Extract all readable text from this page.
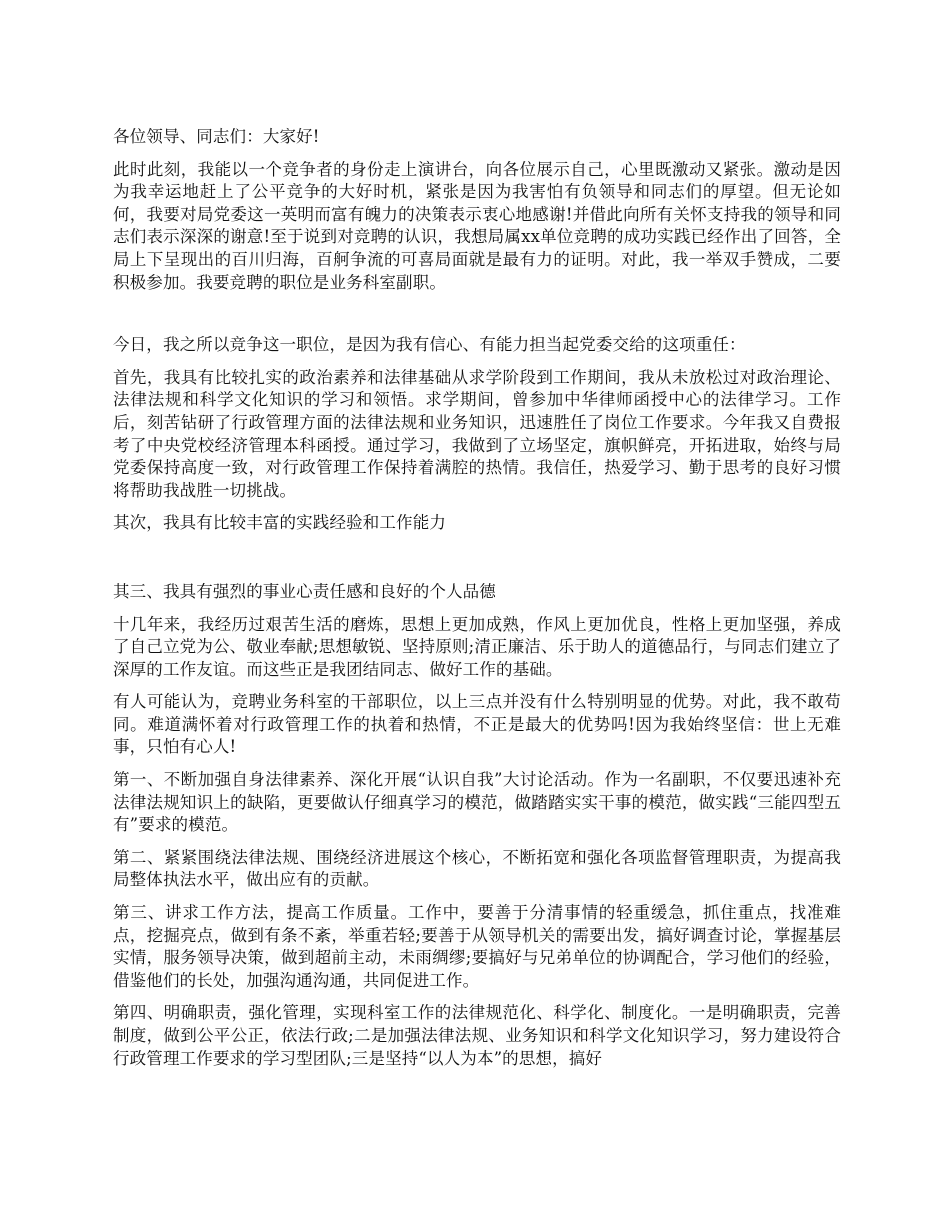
各位领导、同志们：大家好!

此时此刻，我能以一个竞争者的身份走上演讲台，向各位展示自己，心里既激动又紧张。激动是因为我幸运地赶上了公平竞争的大好时机，紧张是因为我害怕有负领导和同志们的厚望。但无论如何，我要对局党委这一英明而富有魄力的决策表示衷心地感谢!并借此向所有关怀支持我的领导和同志们表示深深的谢意!至于说到对竞聘的认识，我想局属xx单位竞聘的成功实践已经作出了回答，全局上下呈现出的百川归海，百舸争流的可喜局面就是最有力的证明。对此，我一举双手赞成，二要积极参加。我要竞聘的职位是业务科室副职。

今日，我之所以竞争这一职位，是因为我有信心、有能力担当起党委交给的这项重任：

首先，我具有比较扎实的政治素养和法律基础从求学阶段到工作期间，我从未放松过对政治理论、法律法规和科学文化知识的学习和领悟。求学期间，曾参加中华律师函授中心的法律学习。工作后，刻苦钻研了行政管理方面的法律法规和业务知识，迅速胜任了岗位工作要求。今年我又自费报考了中央党校经济管理本科函授。通过学习，我做到了立场坚定，旗帜鲜亮，开拓进取，始终与局党委保持高度一致，对行政管理工作保持着满腔的热情。我信任，热爱学习、勤于思考的良好习惯将帮助我战胜一切挑战。

其次，我具有比较丰富的实践经验和工作能力

其三、我具有强烈的事业心责任感和良好的个人品德

十几年来，我经历过艰苦生活的磨炼，思想上更加成熟，作风上更加优良，性格上更加坚强，养成了自己立党为公、敬业奉献;思想敏锐、坚持原则;清正廉洁、乐于助人的道德品行，与同志们建立了深厚的工作友谊。而这些正是我团结同志、做好工作的基础。

有人可能认为，竞聘业务科室的干部职位，以上三点并没有什么特别明显的优势。对此，我不敢苟同。难道满怀着对行政管理工作的执着和热情，不正是最大的优势吗!因为我始终坚信：世上无难事，只怕有心人!

第一、不断加强自身法律素养、深化开展“认识自我”大讨论活动。作为一名副职，不仅要迅速补充法律法规知识上的缺陷，更要做认仔细真学习的模范，做踏踏实实干事的模范，做实践“三能四型五有”要求的模范。

第二、紧紧围绕法律法规、围绕经济进展这个核心，不断拓宽和强化各项监督管理职责，为提高我局整体执法水平，做出应有的贡献。

第三、讲求工作方法，提高工作质量。工作中，要善于分清事情的轻重缓急，抓住重点，找准难点，挖掘亮点，做到有条不紊，举重若轻;要善于从领导机关的需要出发，搞好调查讨论，掌握基层实情，服务领导决策，做到超前主动，未雨绸缪;要搞好与兄弟单位的协调配合，学习他们的经验，借鉴他们的长处，加强沟通沟通，共同促进工作。

第四、明确职责，强化管理，实现科室工作的法律规范化、科学化、制度化。一是明确职责，完善制度，做到公平公正，依法行政;二是加强法律法规、业务知识和科学文化知识学习，努力建设符合行政管理工作要求的学习型团队;三是坚持“以人为本”的思想，搞好
